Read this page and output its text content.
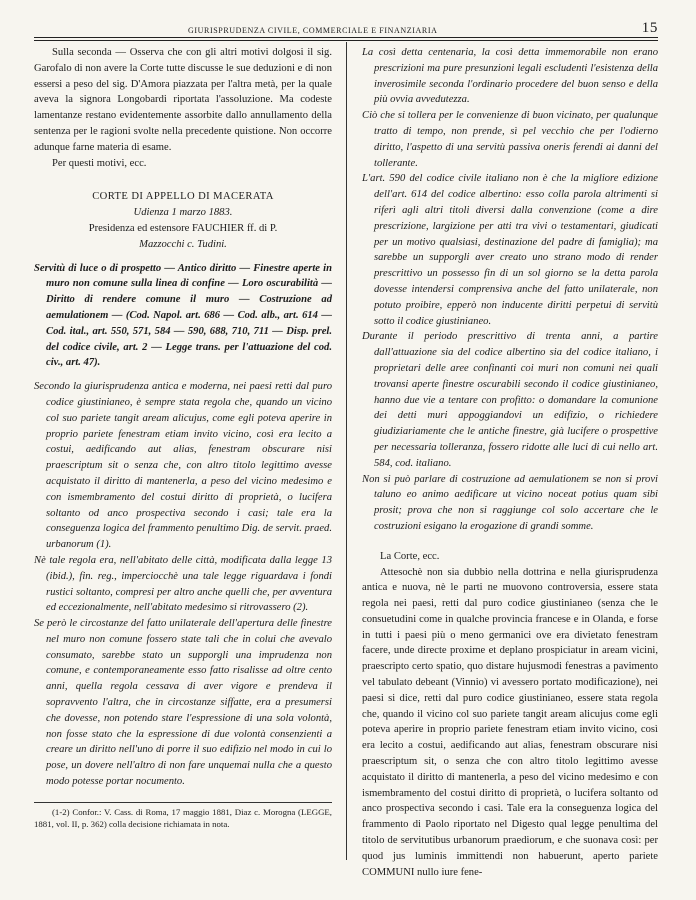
GIURISPRUDENZA CIVILE, COMMERCIALE E FINANZIARIA	15

Sulla seconda — Osserva che con gli altri motivi dolgosi il sig. Garofalo di non avere la Corte tutte discusse le sue deduzioni e di non essersi a peso del sig. D'Amora piazzata per l'altra metà, per la quale aveva la signora Longobardi riportata l'assoluzione. Ma codeste lamentanze restano evidentemente assorbite dallo annullamento della sentenza per le ragioni svolte nella precedente quistione. Non occorre adunque farne materia di esame.

Per questi motivi, ecc.

CORTE DI APPELLO DI MACERATA

Udienza 1 marzo 1883.

Presidenza ed estensore FAUCHIER ff. di P.

Mazzocchi c. Tudini.

Servitù di luce o di prospetto — Antico diritto — Finestre aperte in muro non comune sulla linea di confine — Loro oscurabilità — Diritto di rendere comune il muro — Costruzione ad aemulationem — (Cod. Napol. art. 686 — Cod. alb., art. 614 — Cod. ital., art. 550, 571, 584 — 590, 688, 710, 711 — Disp. prel. del codice civile, art. 2 — Legge trans. per l'attuazione del cod. civ., art. 47).

Secondo la giurisprudenza antica e moderna, nei paesi retti dal puro codice giustinianeo, è sempre stata regola che, quando un vicino col suo pariete tangit aream alicujus, come egli poteva aperire in proprio pariete fenestram etiam invito vicino, così era lecito a costui, aedificando aut alias, fenestram obscurare nisi praescriptum sit o senza che, con altro titolo legittimo avesse acquistato il diritto di mantenerla, a peso del vicino medesimo e con ismembramento del costui diritto di proprietà, o lucifera soltanto od anco prospectiva secondo i casi; tale era la conseguenza logica del frammento penultimo Dig. de servit. praed. urbanorum (1).

Nè tale regola era, nell'abitato delle città, modificata dalla legge 13 (ibid.), fin. reg., imperciocchè una tale legge riguardava i fondi rustici soltanto, compresi per altro anche quelli che, per avventura ed eccezionalmente, nell'abitato medesimo si ritrovassero (2).

Se però le circostanze del fatto unilaterale dell'apertura delle finestre nel muro non comune fossero state tali che in colui che avevalo consumato, sarebbe stato un supporgli una imprudenza non comune, e contemporaneamente esso fatto risalisse ad oltre cento anni, quella regola cessava di aver vigore e prendeva il sopravvento l'altra, che in circostanze siffatte, era a presumersi che dovesse, non potendo stare l'espressione di una sola volontà, non fosse stato che la espressione di due volontà consenzienti a creare un diritto nell'uno di porre il suo edifizio nel modo in cui lo pose, un dovere nell'altro di non fare unquemai nulla che a questo modo potesse portar nocumento.

(1-2) Confor.: V. Cass. di Roma, 17 maggio 1881, Diaz c. Morogna (LEGGE, 1881, vol. II, p. 362) colla decisione richiamata in nota.

La così detta centenaria, la così detta immemorabile non erano prescrizioni ma pure presunzioni legali escludenti l'esistenza della inverosimile seconda l'ordinario procedere del buon senso e della più ovvia avvedutezza.

Ciò che si tollera per le convenienze di buon vicinato, per qualunque tratto di tempo, non prende, sì pel vecchio che per l'odierno diritto, l'aspetto di una servitù passiva oneris ferendi ai danni del tollerante.

L'art. 590 del codice civile italiano non è che la migliore edizione dell'art. 614 del codice albertino: esso colla parola altrimenti si riferì agli altri titoli diversi dalla convenzione (come a dire prescrizione, largizione per atti tra vivi o testamentari, giudicati per un motivo qualsiasi, destinazione del padre di famiglia); ma sarebbe un supporgli aver creato uno strano modo di render prescrittivo un possesso fin di un sol giorno se la detta parola dovesse intendersi comprensiva anche del fatto unilaterale, non potuto proibire, epperò non inducente diritti perpetui di servitù sotto il codice giustinianeo.

Durante il periodo prescrittivo di trenta anni, a partire dall'attuazione sia del codice albertino sia del codice italiano, i proprietari delle aree confinanti coi muri non comuni nei quali trovansi aperte finestre oscurabili secondo il codice giustinianeo, hanno due vie a tentare con profitto: o domandare la comunione dei detti muri appoggiandovi un edifizio, o richiedere giudiziariamente che le antiche finestre, già lucifere o prospettive per necessaria tolleranza, fossero ridotte alle luci di cui nello art. 584, cod. italiano.

Non si può parlare di costruzione ad aemulationem se non si provi taluno eo animo aedificare ut vicino noceat potius quam sibi prosit; prova che non si raggiunge col solo accertare che le costruzioni esigano la erogazione di grandi somme.

La Corte, ecc.

Attesochè non sia dubbio nella dottrina e nella giurisprudenza antica e nuova, nè le parti ne muovono controversia, essere stata regola nei paesi, retti dal puro codice giustinianeo (senza che le consuetudini come in qualche provincia francese e in Olanda, e forse in tutti i paesi più o meno germanici ove era divietato fenestram facere, unde directe proxime et deplano prospiciatur in aream vicini, praescripto certo spatio, quo distare hujusmodi fenestras a pavimento vel tabulato debeant (Vinnio) vi avessero portato modificazione), nei paesi si dice, retti dal puro codice giustinianeo, essere stata regola che, quando il vicino col suo pariete tangit aream alicujus come egli poteva aperire in proprio pariete fenestram etiam invito vicino, così era lecito a costui, aedificando aut alias, fenestram obscurare nisi praescriptum sit, o senza che con altro titolo legittimo avesse acquistato il diritto di mantenerla, a peso del vicino medesimo e con ismembramento del costui diritto di proprietà, o lucifera soltanto od anco prospectiva secondo i casi. Tale era la conseguenza logica del frammento di Paolo riportato nel Digesto qual legge penultima del titolo de servitutibus urbanorum praediorum, e che suonava così: per quod jus luminis immittendi non habuerunt, aperto pariete COMMUNI nullo iure fene-
